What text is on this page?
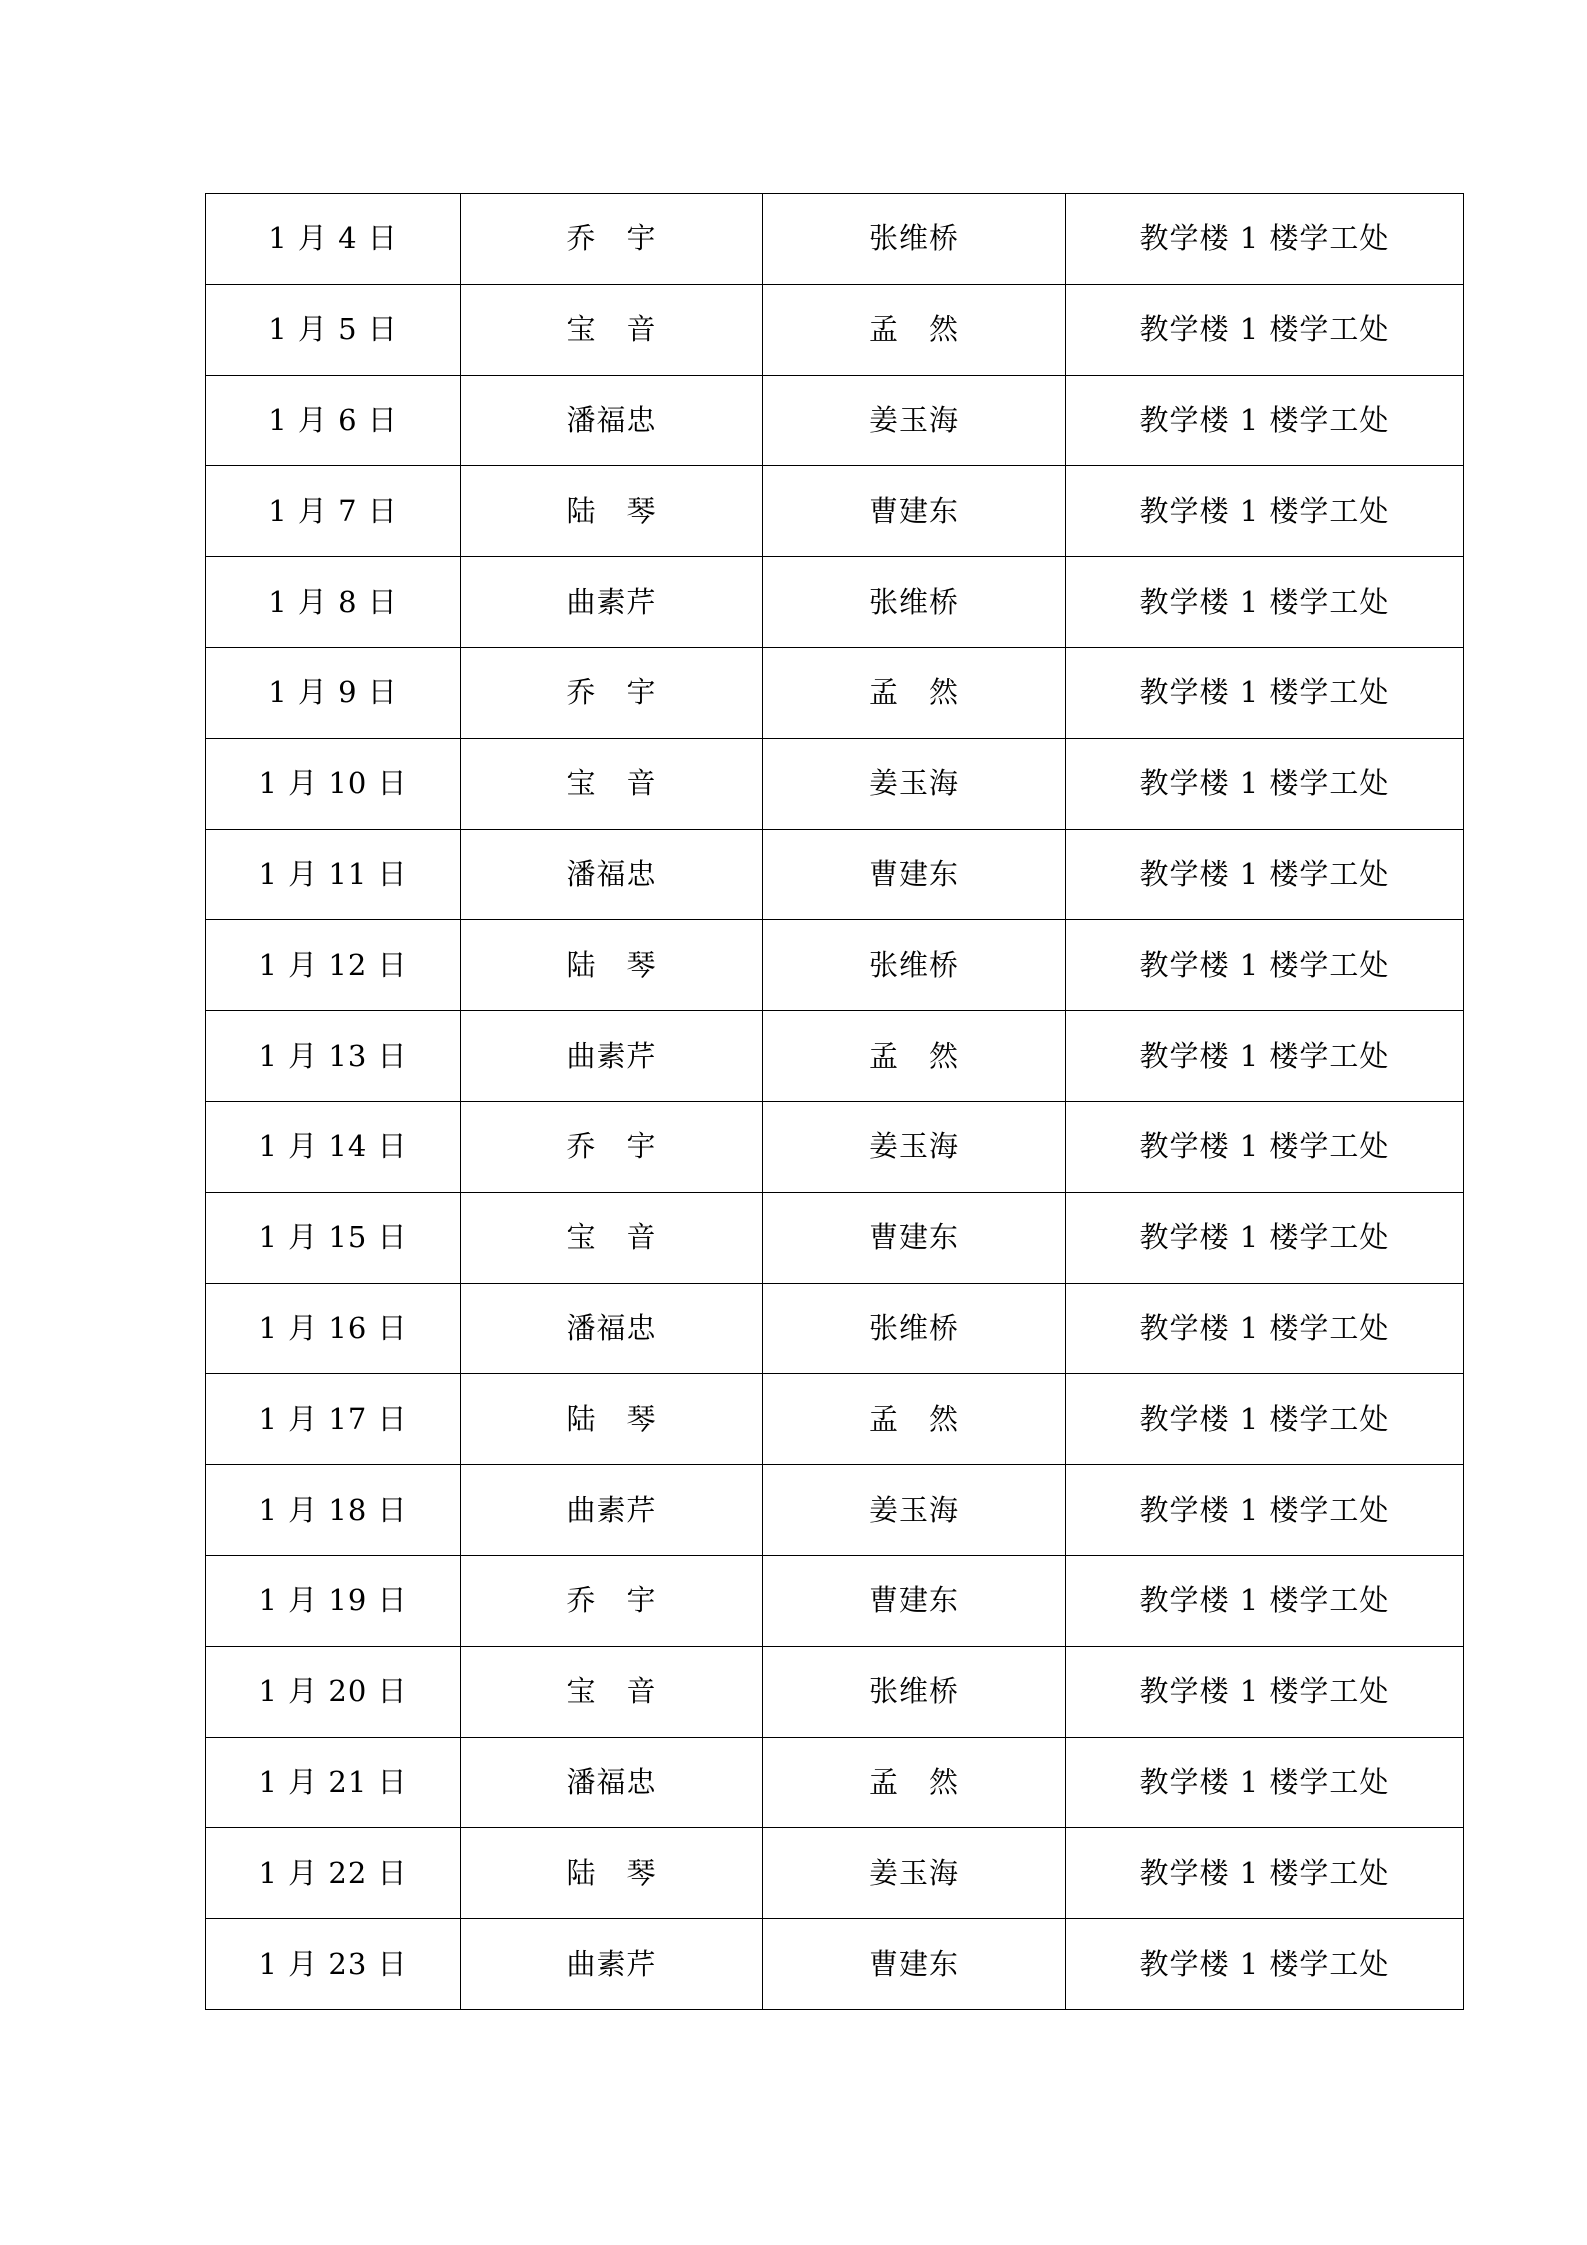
1 月 4 日	乔　宇	张维桥	教学楼 1 楼学工处
1 月 5 日	宝　音	孟　然	教学楼 1 楼学工处
1 月 6 日	潘福忠	姜玉海	教学楼 1 楼学工处
1 月 7 日	陆　琴	曹建东	教学楼 1 楼学工处
1 月 8 日	曲素芹	张维桥	教学楼 1 楼学工处
1 月 9 日	乔　宇	孟　然	教学楼 1 楼学工处
1 月 10 日	宝　音	姜玉海	教学楼 1 楼学工处
1 月 11 日	潘福忠	曹建东	教学楼 1 楼学工处
1 月 12 日	陆　琴	张维桥	教学楼 1 楼学工处
1 月 13 日	曲素芹	孟　然	教学楼 1 楼学工处
1 月 14 日	乔　宇	姜玉海	教学楼 1 楼学工处
1 月 15 日	宝　音	曹建东	教学楼 1 楼学工处
1 月 16 日	潘福忠	张维桥	教学楼 1 楼学工处
1 月 17 日	陆　琴	孟　然	教学楼 1 楼学工处
1 月 18 日	曲素芹	姜玉海	教学楼 1 楼学工处
1 月 19 日	乔　宇	曹建东	教学楼 1 楼学工处
1 月 20 日	宝　音	张维桥	教学楼 1 楼学工处
1 月 21 日	潘福忠	孟　然	教学楼 1 楼学工处
1 月 22 日	陆　琴	姜玉海	教学楼 1 楼学工处
1 月 23 日	曲素芹	曹建东	教学楼 1 楼学工处
